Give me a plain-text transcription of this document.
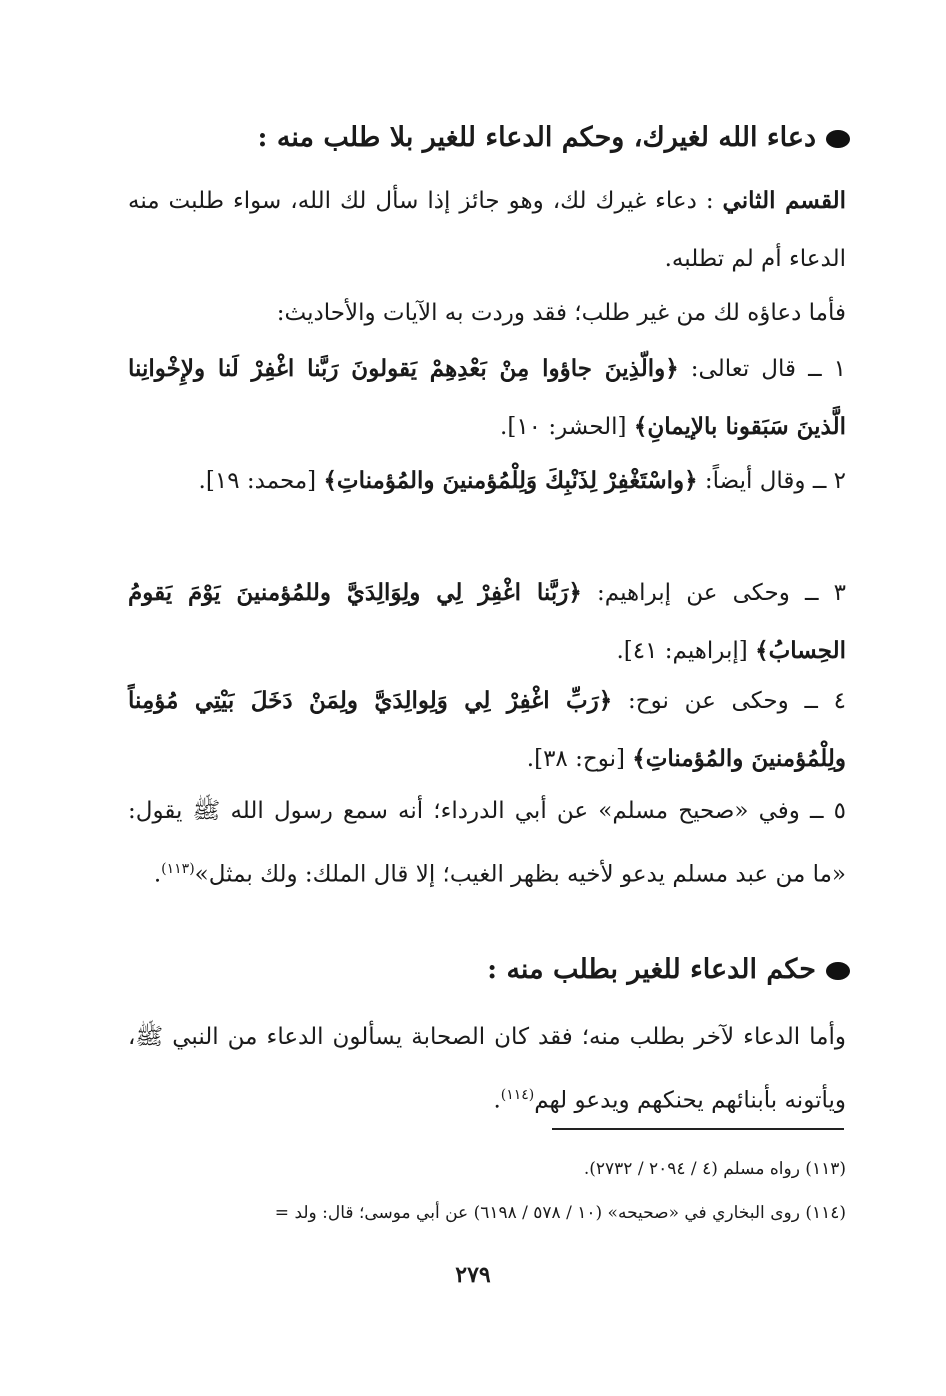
دعاء الله لغيرك، وحكم الدعاء للغير بلا طلب منه :
القسم الثاني : دعاء غيرك لك، وهو جائز إذا سأل لك الله، سواء طلبت منه الدعاء أم لم تطلبه.
فأما دعاؤه لك من غير طلب؛ فقد وردت به الآيات والأحاديث:
١ ــ قال تعالى: ﴿والّذِينَ جاؤوا مِنْ بَعْدِهِمْ يَقولونَ رَبَّنا اغْفِرْ لَنا ولإِخْوانِنا الَّذينَ سَبَقونا بالإيمانِ﴾ [الحشر: ١٠].
٢ ــ وقال أيضاً: ﴿واسْتَغْفِرْ لِذَنْبِكَ وَلِلْمُؤمنينَ والمُؤمناتِ﴾ [محمد: ١٩].
٣ ــ وحكى عن إبراهيم: ﴿رَبَّنا اغْفِرْ لِي ولِوَالِدَيَّ وللمُؤمنينَ يَوْمَ يَقومُ الحِسابُ﴾ [إبراهيم: ٤١].
٤ ــ وحكى عن نوح: ﴿رَبِّ اغْفِرْ لِي وَلِوالِدَيَّ ولِمَنْ دَخَلَ بَيْتِي مُؤمِناً ولِلْمُؤمنينَ والمُؤمناتِ﴾ [نوح: ٣٨].
٥ ــ وفي «صحيح مسلم» عن أبي الدرداء؛ أنه سمع رسول الله ﷺ يقول: «ما من عبد مسلم يدعو لأخيه بظهر الغيب؛ إلا قال الملك: ولك بمثل»$^{(١١٣)}$.
حكم الدعاء للغير بطلب منه :
وأما الدعاء لآخر بطلب منه؛ فقد كان الصحابة يسألون الدعاء من النبي ﷺ، ويأتونه بأبنائهم يحنكهم ويدعو لهم$^{(١١٤)}$.
(١١٣) رواه مسلم (٤ / ٢٠٩٤ / ٢٧٣٢).
(١١٤) روى البخاري في «صحيحه» (١٠ / ٥٧٨ / ٦١٩٨) عن أبي موسى؛ قال: ولد =
٢٧٩
